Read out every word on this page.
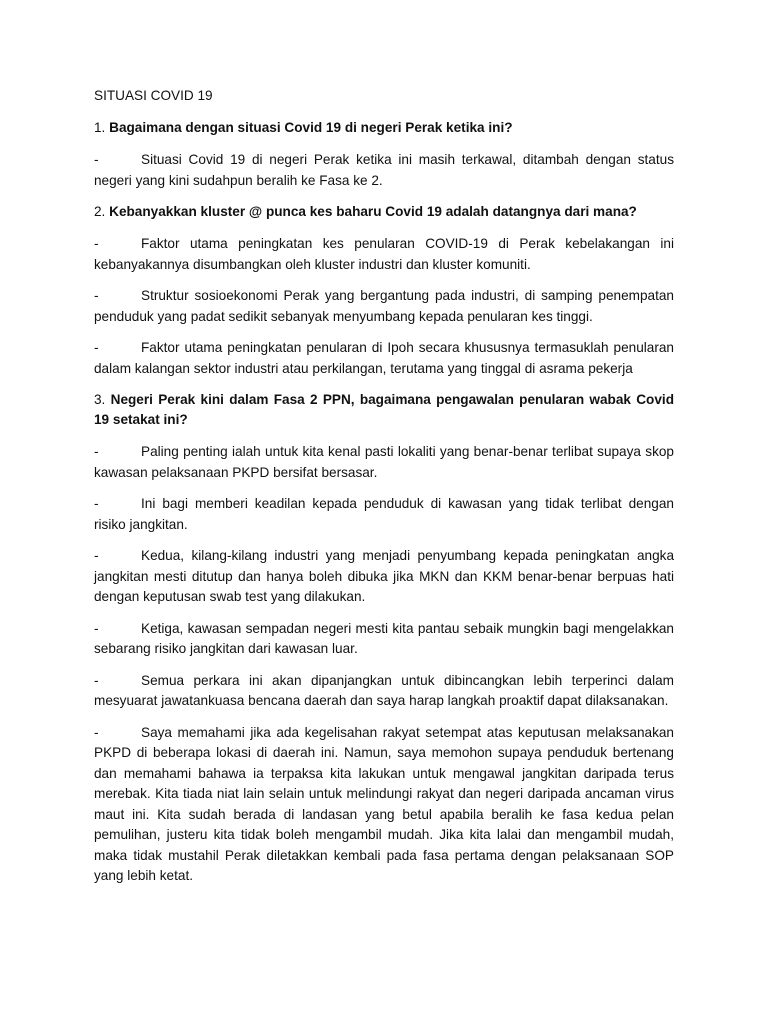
SITUASI COVID 19

1. Bagaimana dengan situasi Covid 19 di negeri Perak ketika ini?

-	Situasi Covid 19 di negeri Perak ketika ini masih terkawal, ditambah dengan status negeri yang kini sudahpun beralih ke Fasa ke 2.

2. Kebanyakkan kluster @ punca kes baharu Covid 19 adalah datangnya dari mana?

-	Faktor utama peningkatan kes penularan COVID-19 di Perak kebelakangan ini kebanyakannya disumbangkan oleh kluster industri dan kluster komuniti.

-	Struktur sosioekonomi Perak yang bergantung pada industri, di samping penempatan penduduk yang padat sedikit sebanyak menyumbang kepada penularan kes tinggi.

-	Faktor utama peningkatan penularan di Ipoh secara khususnya termasuklah penularan dalam kalangan sektor industri atau perkilangan, terutama yang tinggal di asrama pekerja

3. Negeri Perak kini dalam Fasa 2 PPN, bagaimana pengawalan penularan wabak Covid 19 setakat ini?

-	Paling penting ialah untuk kita kenal pasti lokaliti yang benar-benar terlibat supaya skop kawasan pelaksanaan PKPD bersifat bersasar.

-	Ini bagi memberi keadilan kepada penduduk di kawasan yang tidak terlibat dengan risiko jangkitan.

-	Kedua, kilang-kilang industri yang menjadi penyumbang kepada peningkatan angka jangkitan mesti ditutup dan hanya boleh dibuka jika MKN dan KKM benar-benar berpuas hati dengan keputusan swab test yang dilakukan.

-	Ketiga, kawasan sempadan negeri mesti kita pantau sebaik mungkin bagi mengelakkan sebarang risiko jangkitan dari kawasan luar.

-	Semua perkara ini akan dipanjangkan untuk dibincangkan lebih terperinci dalam mesyuarat jawatankuasa bencana daerah dan saya harap langkah proaktif dapat dilaksanakan.

-	Saya memahami jika ada kegelisahan rakyat setempat atas keputusan melaksanakan PKPD di beberapa lokasi di daerah ini. Namun, saya memohon supaya penduduk bertenang dan memahami bahawa ia terpaksa kita lakukan untuk mengawal jangkitan daripada terus merebak. Kita tiada niat lain selain untuk melindungi rakyat dan negeri daripada ancaman virus maut ini. Kita sudah berada di landasan yang betul apabila beralih ke fasa kedua pelan pemulihan, justeru kita tidak boleh mengambil mudah. Jika kita lalai dan mengambil mudah, maka tidak mustahil Perak diletakkan kembali pada fasa pertama dengan pelaksanaan SOP yang lebih ketat.
